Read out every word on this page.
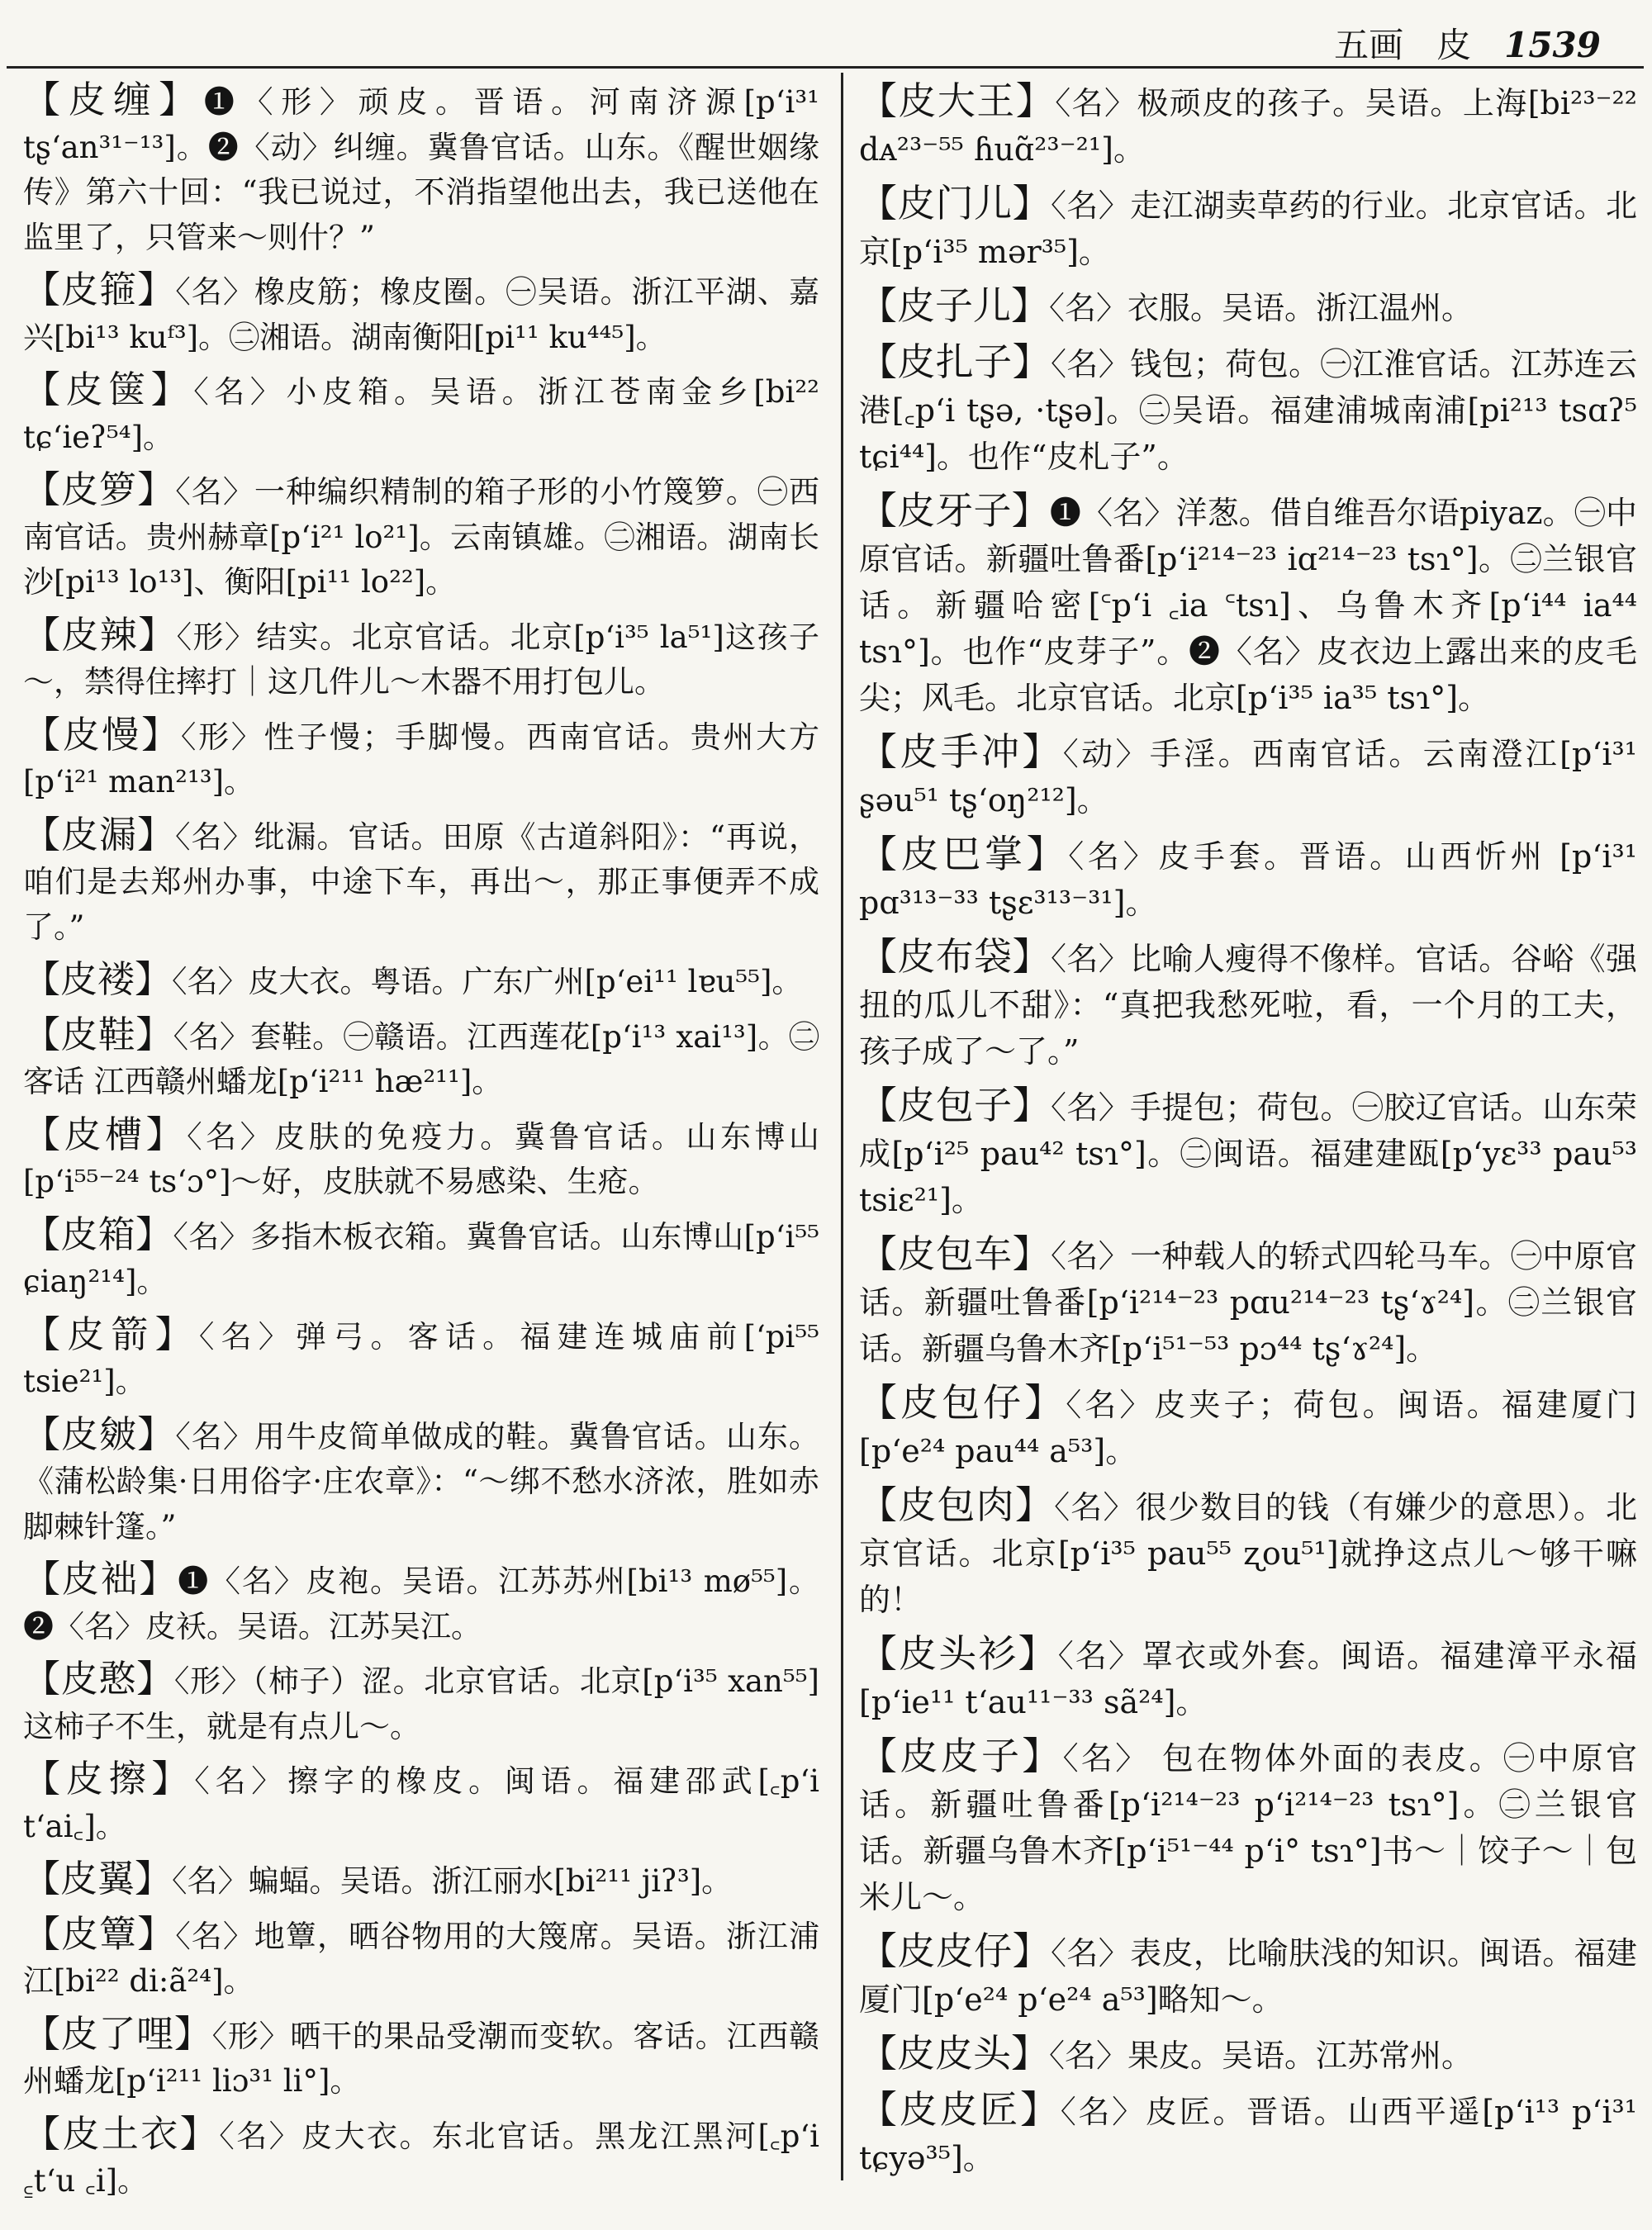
五画 皮 1539

【皮缠】❶〈形〉顽皮。晋语。河南济源[pʻi³¹ tʂʻan³¹⁻¹³]。❷〈动〉纠缠。冀鲁官话。山东。《醒世姻缘传》第六十回：“我已说过，不消指望他出去，我已送他在监里了，只管来～则什？”

【皮箍】〈名〉橡皮筋；橡皮圈。㊀吴语。浙江平湖、嘉兴[bi¹³ kuᶠ³]。㊁湘语。湖南衡阳[pi¹¹ ku⁴⁴⁵]。

【皮箧】〈名〉小皮箱。吴语。浙江苍南金乡[bi²² tɕʻieʔ⁵⁴]。

【皮箩】〈名〉一种编织精制的箱子形的小竹篾箩。㊀西南官话。贵州赫章[pʻi²¹ lo²¹]。云南镇雄。㊁湘语。湖南长沙[pi¹³ lo¹³]、衡阳[pi¹¹ lo²²]。

【皮辣】〈形〉结实。北京官话。北京[pʻi³⁵ la⁵¹]这孩子～，禁得住摔打｜这几件儿～木器不用打包儿。

【皮慢】〈形〉性子慢；手脚慢。西南官话。贵州大方[pʻi²¹ man²¹³]。

【皮漏】〈名〉纰漏。官话。田原《古道斜阳》：“再说，咱们是去郑州办事，中途下车，再出～，那正事便弄不成了。”

【皮褛】〈名〉皮大衣。粤语。广东广州[pʻei¹¹ lɐu⁵⁵]。

【皮鞋】〈名〉套鞋。㊀赣语。江西莲花[pʻi¹³ xai¹³]。㊁客话 江西赣州蟠龙[pʻi²¹¹ hæ²¹¹]。

【皮槽】〈名〉皮肤的免疫力。冀鲁官话。山东博山[pʻi⁵⁵⁻²⁴ tsʻɔ°]～好，皮肤就不易感染、生疮。

【皮箱】〈名〉多指木板衣箱。冀鲁官话。山东博山[pʻi⁵⁵ ɕiaŋ²¹⁴]。

【皮箭】〈名〉弹弓。客话。福建连城庙前[ʻpi⁵⁵ tsie²¹]。

【皮皴】〈名〉用牛皮简单做成的鞋。冀鲁官话。山东。《蒲松龄集·日用俗字·庄农章》：“～绑不愁水济浓，胜如赤脚棘针篷。”

【皮袦】❶〈名〉皮袍。吴语。江苏苏州[bi¹³ mø⁵⁵]。❷〈名〉皮袄。吴语。江苏吴江。

【皮憨】〈形〉（柿子）涩。北京官话。北京[pʻi³⁵ xan⁵⁵]这柿子不生，就是有点儿～。

【皮擦】〈名〉擦字的橡皮。闽语。福建邵武[꜀pʻi tʻai꜀]。

【皮翼】〈名〉蝙蝠。吴语。浙江丽水[bi²¹¹ jiʔ³]。

【皮簟】〈名〉地簟，晒谷物用的大篾席。吴语。浙江浦江[bi²² di:ã²⁴]。

【皮了哩】〈形〉晒干的果品受潮而变软。客话。江西赣州蟠龙[pʻi²¹¹ liɔ³¹ li°]。

【皮土衣】〈名〉皮大衣。东北官话。黑龙江黑河[꜀pʻi ꜁tʻu ꜀i]。

【皮大王】〈名〉极顽皮的孩子。吴语。上海[bi²³⁻²² dᴀ²³⁻⁵⁵ ɦuɑ̃²³⁻²¹]。

【皮门儿】〈名〉走江湖卖草药的行业。北京官话。北京[pʻi³⁵ mər³⁵]。

【皮子儿】〈名〉衣服。吴语。浙江温州。

【皮扎子】〈名〉钱包；荷包。㊀江淮官话。江苏连云港[꜀pʻi tʂə, ·tʂə]。㊁吴语。福建浦城南浦[pi²¹³ tsɑʔ⁵ tɕi⁴⁴]。也作“皮札子”。

【皮牙子】❶〈名〉洋葱。借自维吾尔语piyaz。㊀中原官话。新疆吐鲁番[pʻi²¹⁴⁻²³ iɑ²¹⁴⁻²³ tsɿ°]。㊁兰银官话。新疆哈密[꜂pʻi ꜀ia ꜂tsɿ]、乌鲁木齐[pʻi⁴⁴ ia⁴⁴ tsɿ°]。也作“皮芽子”。❷〈名〉皮衣边上露出来的皮毛尖；风毛。北京官话。北京[pʻi³⁵ ia³⁵ tsɿ°]。

【皮手冲】〈动〉手淫。西南官话。云南澄江[pʻi³¹ ʂəu⁵¹ tʂʻoŋ²¹²]。

【皮巴掌】〈名〉皮手套。晋语。山西忻州 [pʻi³¹ pɑ³¹³⁻³³ tʂɛ³¹³⁻³¹]。

【皮布袋】〈名〉比喻人瘦得不像样。官话。谷峪《强扭的瓜儿不甜》：“真把我愁死啦，看，一个月的工夫，孩子成了～了。”

【皮包子】〈名〉手提包；荷包。㊀胶辽官话。山东荣成[pʻi²⁵ pau⁴² tsɿ°]。㊁闽语。福建建瓯[pʻyɛ³³ pau⁵³ tsiɛ²¹]。

【皮包车】〈名〉一种载人的轿式四轮马车。㊀中原官话。新疆吐鲁番[pʻi²¹⁴⁻²³ pɑu²¹⁴⁻²³ tʂʻɤ²⁴]。㊁兰银官话。新疆乌鲁木齐[pʻi⁵¹⁻⁵³ pɔ⁴⁴ tʂʻɤ²⁴]。

【皮包仔】〈名〉皮夹子；荷包。闽语。福建厦门[pʻe²⁴ pau⁴⁴ a⁵³]。

【皮包肉】〈名〉很少数目的钱（有嫌少的意思）。北京官话。北京[pʻi³⁵ pau⁵⁵ ʐou⁵¹]就挣这点儿～够干嘛的！

【皮头衫】〈名〉罩衣或外套。闽语。福建漳平永福[pʻie¹¹ tʻau¹¹⁻³³ sã²⁴]。

【皮皮子】〈名〉 包在物体外面的表皮。㊀中原官话。新疆吐鲁番[pʻi²¹⁴⁻²³ pʻi²¹⁴⁻²³ tsɿ°]。㊁兰银官话。新疆乌鲁木齐[pʻi⁵¹⁻⁴⁴ pʻi° tsɿ°]书～｜饺子～｜包米儿～。

【皮皮仔】〈名〉表皮，比喻肤浅的知识。闽语。福建厦门[pʻe²⁴ pʻe²⁴ a⁵³]略知～。

【皮皮头】〈名〉果皮。吴语。江苏常州。

【皮皮匠】〈名〉皮匠。晋语。山西平遥[pʻi¹³ pʻi³¹ tɕyə³⁵]。
